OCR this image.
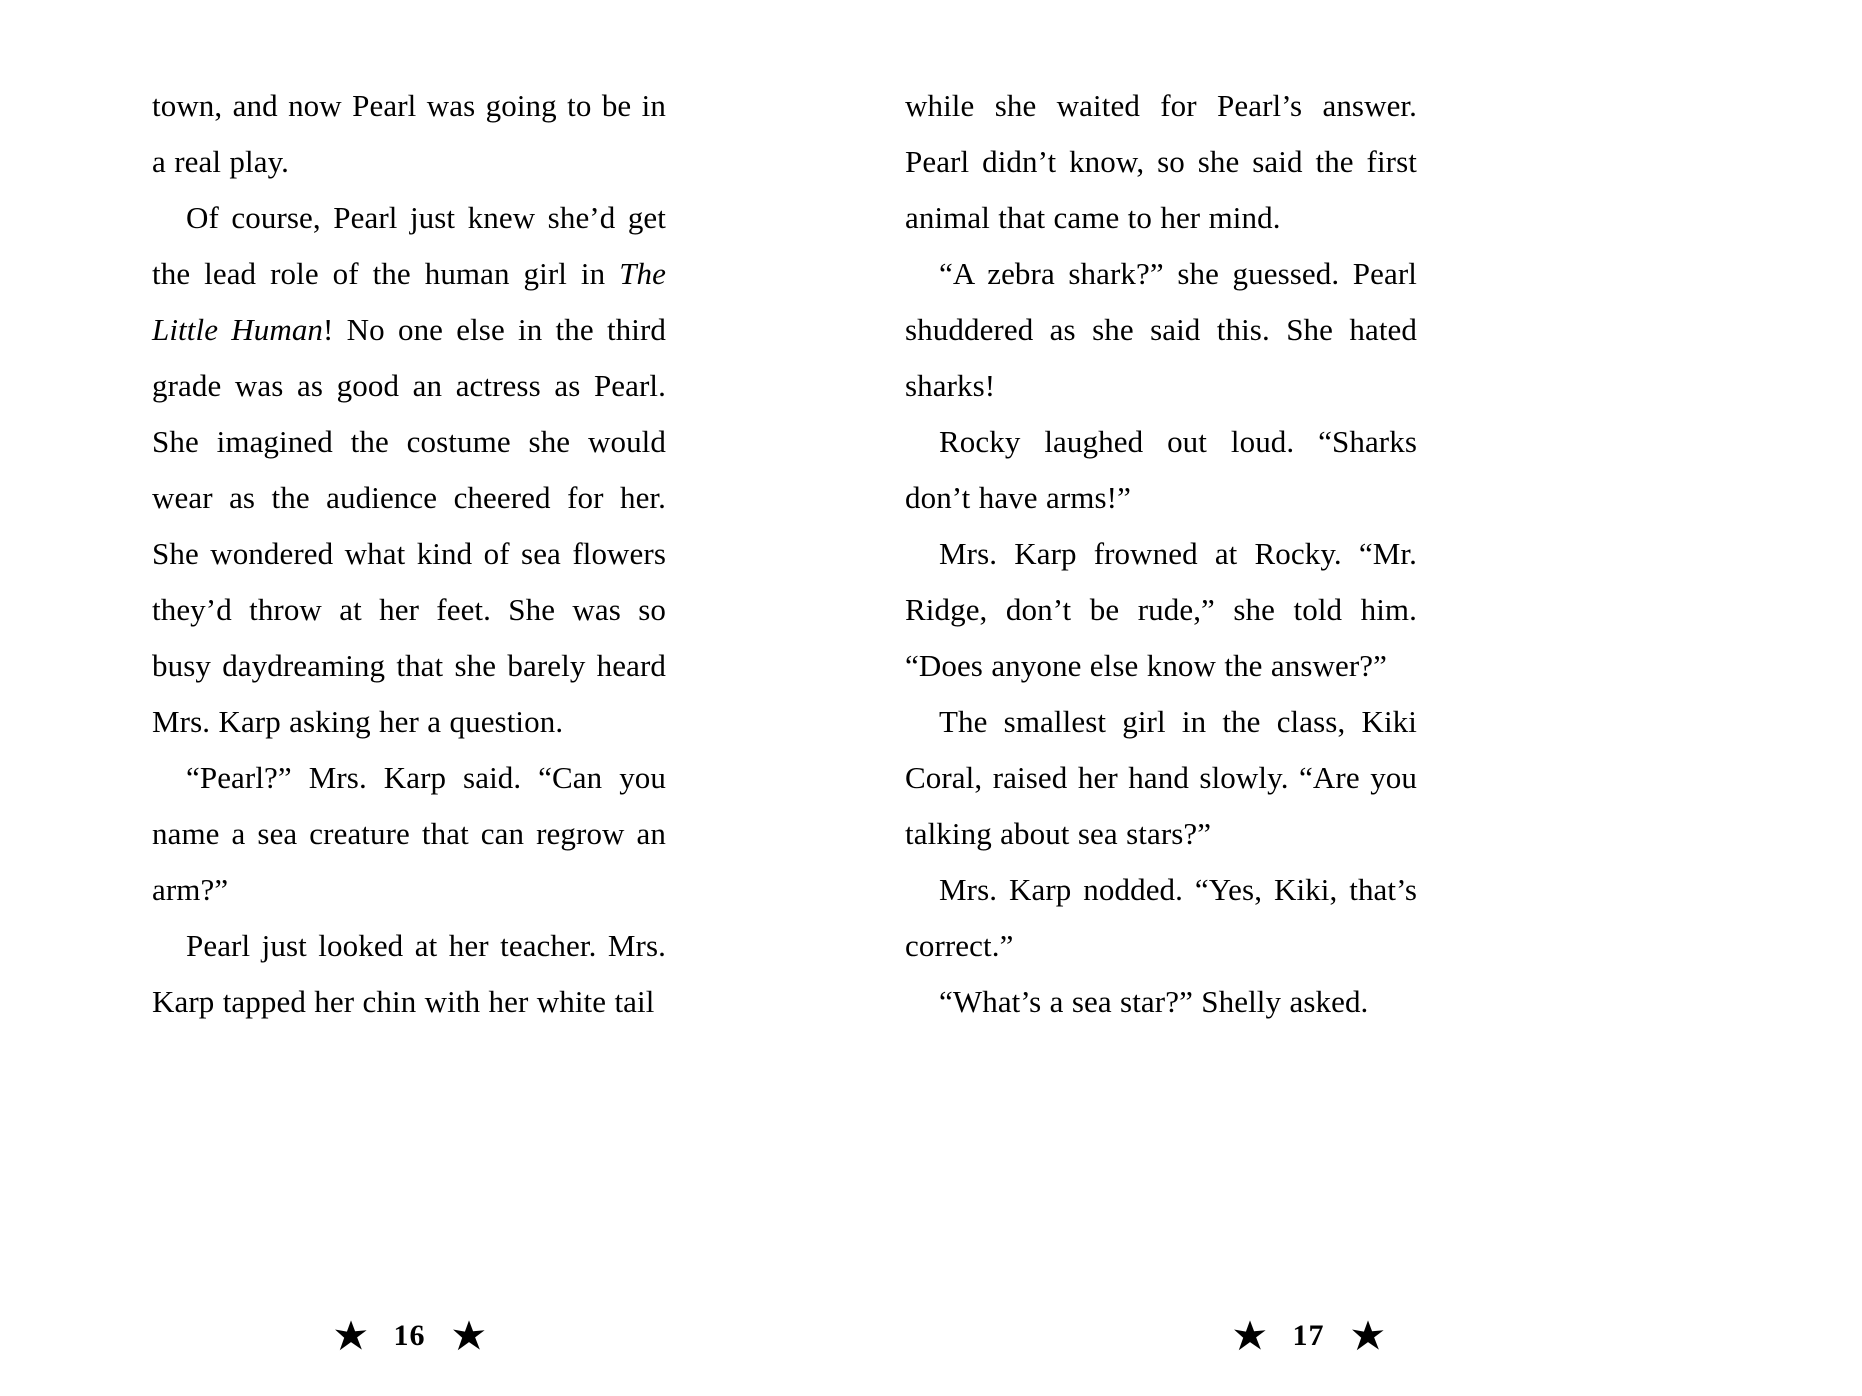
town, and now Pearl was going to be in a real play.

Of course, Pearl just knew she’d get the lead role of the human girl in The Little Human! No one else in the third grade was as good an actress as Pearl. She imagined the costume she would wear as the audience cheered for her. She wondered what kind of sea flowers they’d throw at her feet. She was so busy daydreaming that she barely heard Mrs. Karp asking her a question.

“Pearl?” Mrs. Karp said. “Can you name a sea creature that can regrow an arm?”

Pearl just looked at her teacher. Mrs. Karp tapped her chin with her white tail

16

while she waited for Pearl’s answer. Pearl didn’t know, so she said the first animal that came to her mind.

“A zebra shark?” she guessed. Pearl shuddered as she said this. She hated sharks!

Rocky laughed out loud. “Sharks don’t have arms!”

Mrs. Karp frowned at Rocky. “Mr. Ridge, don’t be rude,” she told him. “Does anyone else know the answer?”

The smallest girl in the class, Kiki Coral, raised her hand slowly. “Are you talking about sea stars?”

Mrs. Karp nodded. “Yes, Kiki, that’s correct.”

“What’s a sea star?” Shelly asked.

17
